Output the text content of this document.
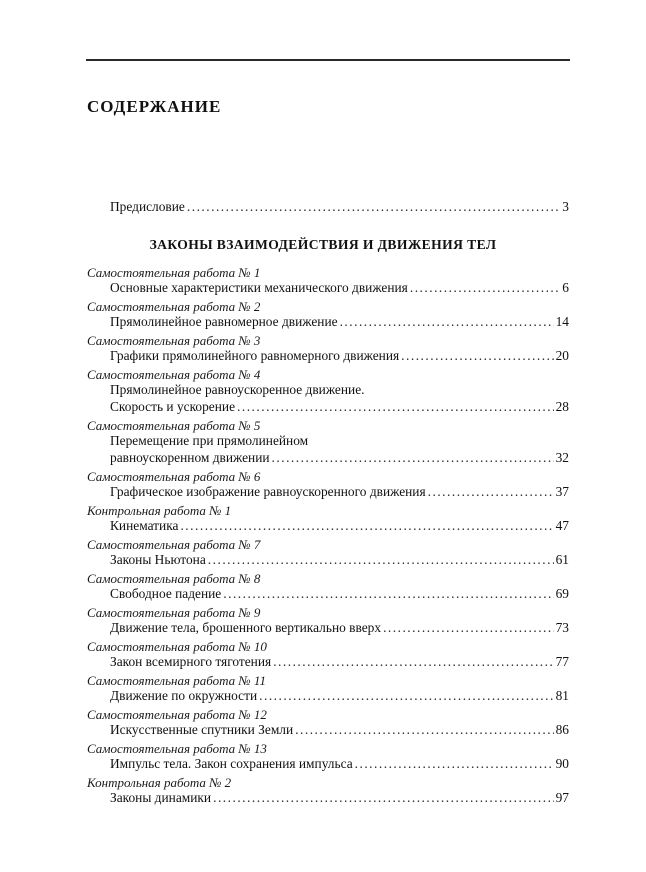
СОДЕРЖАНИЕ
Предисловие .....	3
ЗАКОНЫ ВЗАИМОДЕЙСТВИЯ И ДВИЖЕНИЯ ТЕЛ
Самостоятельная работа № 1
Основные характеристики механического движения .....	6
Самостоятельная работа № 2
Прямолинейное равномерное движение .....	14
Самостоятельная работа № 3
Графики прямолинейного равномерного движения .....	20
Самостоятельная работа № 4
Прямолинейное равноускоренное движение.
Скорость и ускорение .....	28
Самостоятельная работа № 5
Перемещение при прямолинейном
равноускоренном движении .....	32
Самостоятельная работа № 6
Графическое изображение равноускоренного движения .....	37
Контрольная работа № 1
Кинематика .....	47
Самостоятельная работа № 7
Законы Ньютона .....	61
Самостоятельная работа № 8
Свободное падение .....	69
Самостоятельная работа № 9
Движение тела, брошенного вертикально вверх .....	73
Самостоятельная работа № 10
Закон всемирного тяготения .....	77
Самостоятельная работа № 11
Движение по окружности .....	81
Самостоятельная работа № 12
Искусственные спутники Земли .....	86
Самостоятельная работа № 13
Импульс тела. Закон сохранения импульса .....	90
Контрольная работа № 2
Законы динамики .....	97
